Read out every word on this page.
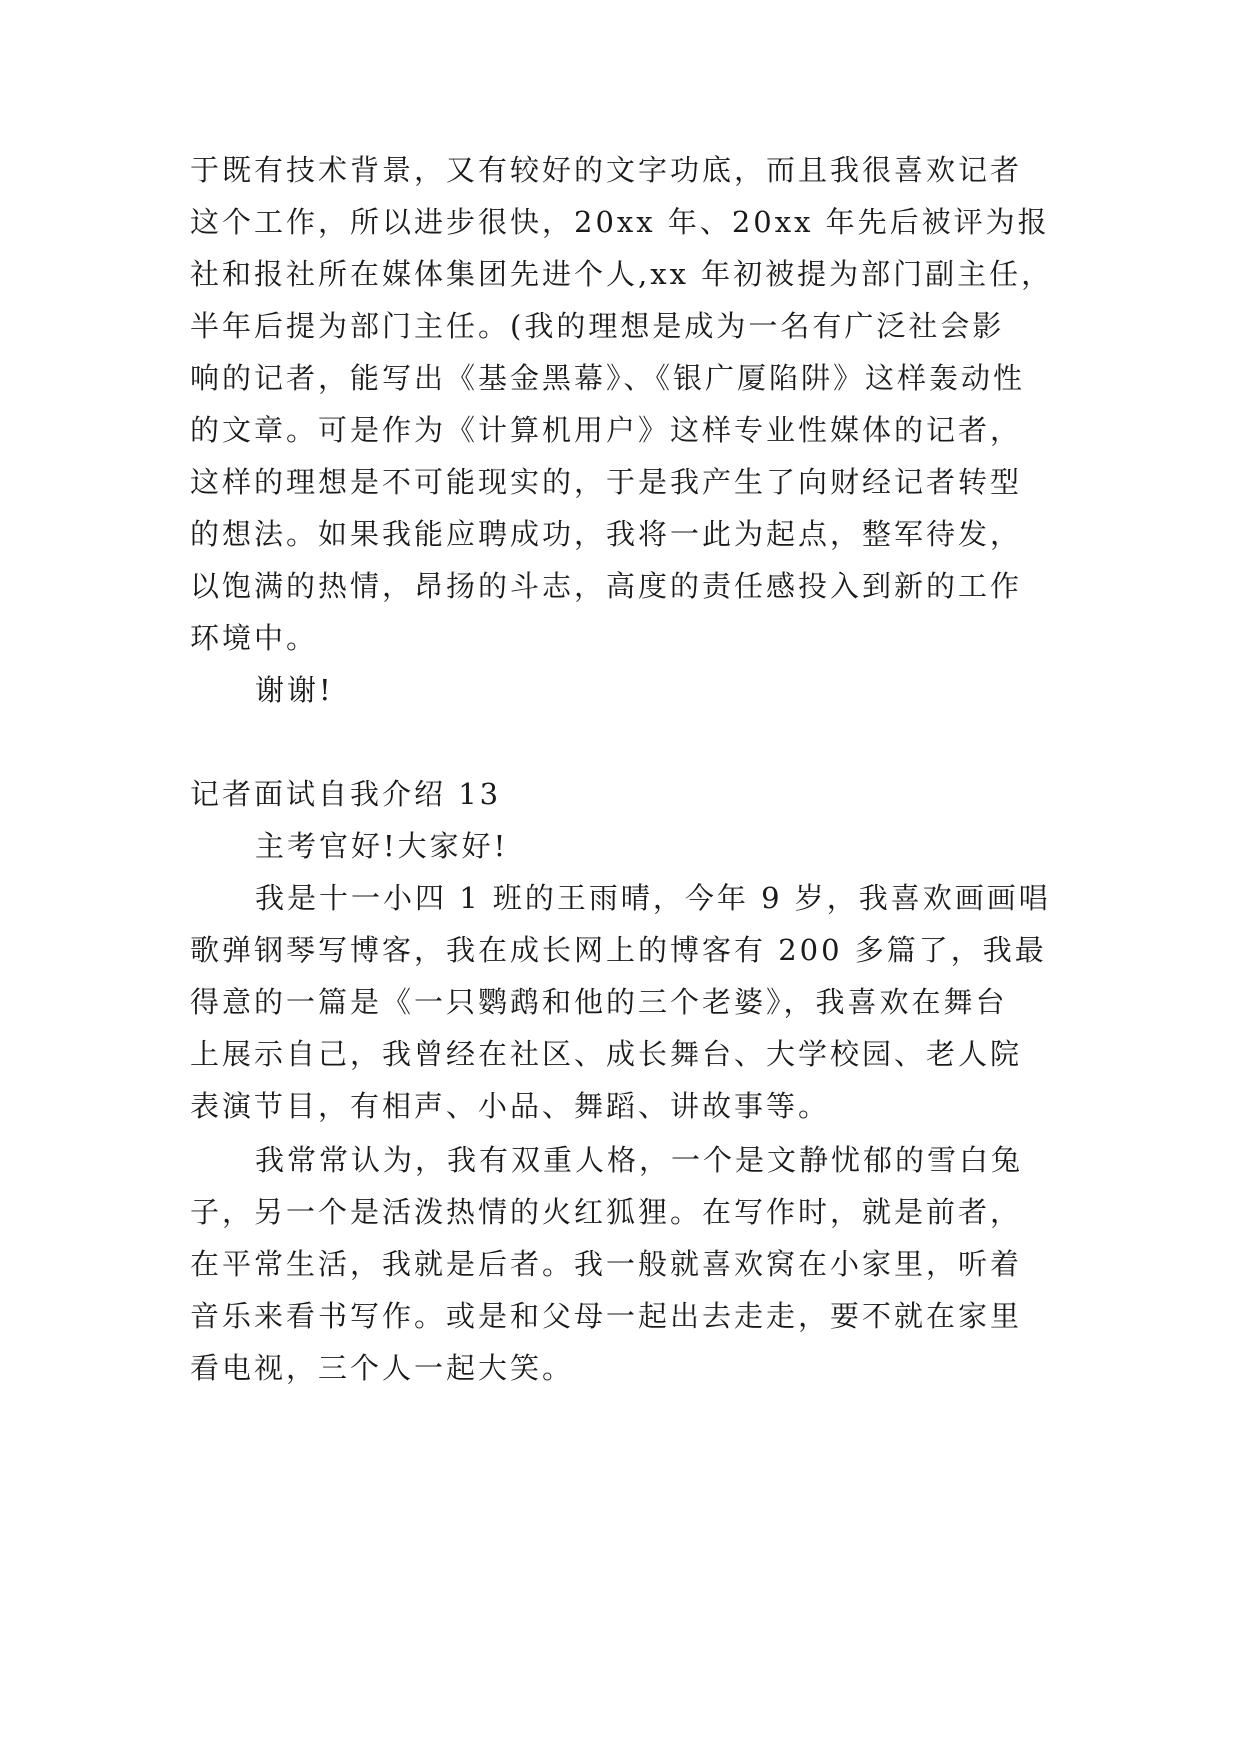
于既有技术背景，又有较好的文字功底，而且我很喜欢记者
这个工作，所以进步很快，20xx 年、20xx 年先后被评为报
社和报社所在媒体集团先进个人,xx 年初被提为部门副主任，
半年后提为部门主任。(我的理想是成为一名有广泛社会影
响的记者，能写出《基金黑幕》、《银广厦陷阱》这样轰动性
的文章。可是作为《计算机用户》这样专业性媒体的记者，
这样的理想是不可能现实的，于是我产生了向财经记者转型
的想法。如果我能应聘成功，我将一此为起点，整军待发，
以饱满的热情，昂扬的斗志，高度的责任感投入到新的工作
环境中。
谢谢!
记者面试自我介绍 13
主考官好!大家好!
我是十一小四 1 班的王雨晴，今年 9 岁，我喜欢画画唱
歌弹钢琴写博客，我在成长网上的博客有 200 多篇了，我最
得意的一篇是《一只鹦鹉和他的三个老婆》，我喜欢在舞台
上展示自己，我曾经在社区、成长舞台、大学校园、老人院
表演节目，有相声、小品、舞蹈、讲故事等。
我常常认为，我有双重人格，一个是文静忧郁的雪白兔
子，另一个是活泼热情的火红狐狸。在写作时，就是前者，
在平常生活，我就是后者。我一般就喜欢窝在小家里，听着
音乐来看书写作。或是和父母一起出去走走，要不就在家里
看电视，三个人一起大笑。
